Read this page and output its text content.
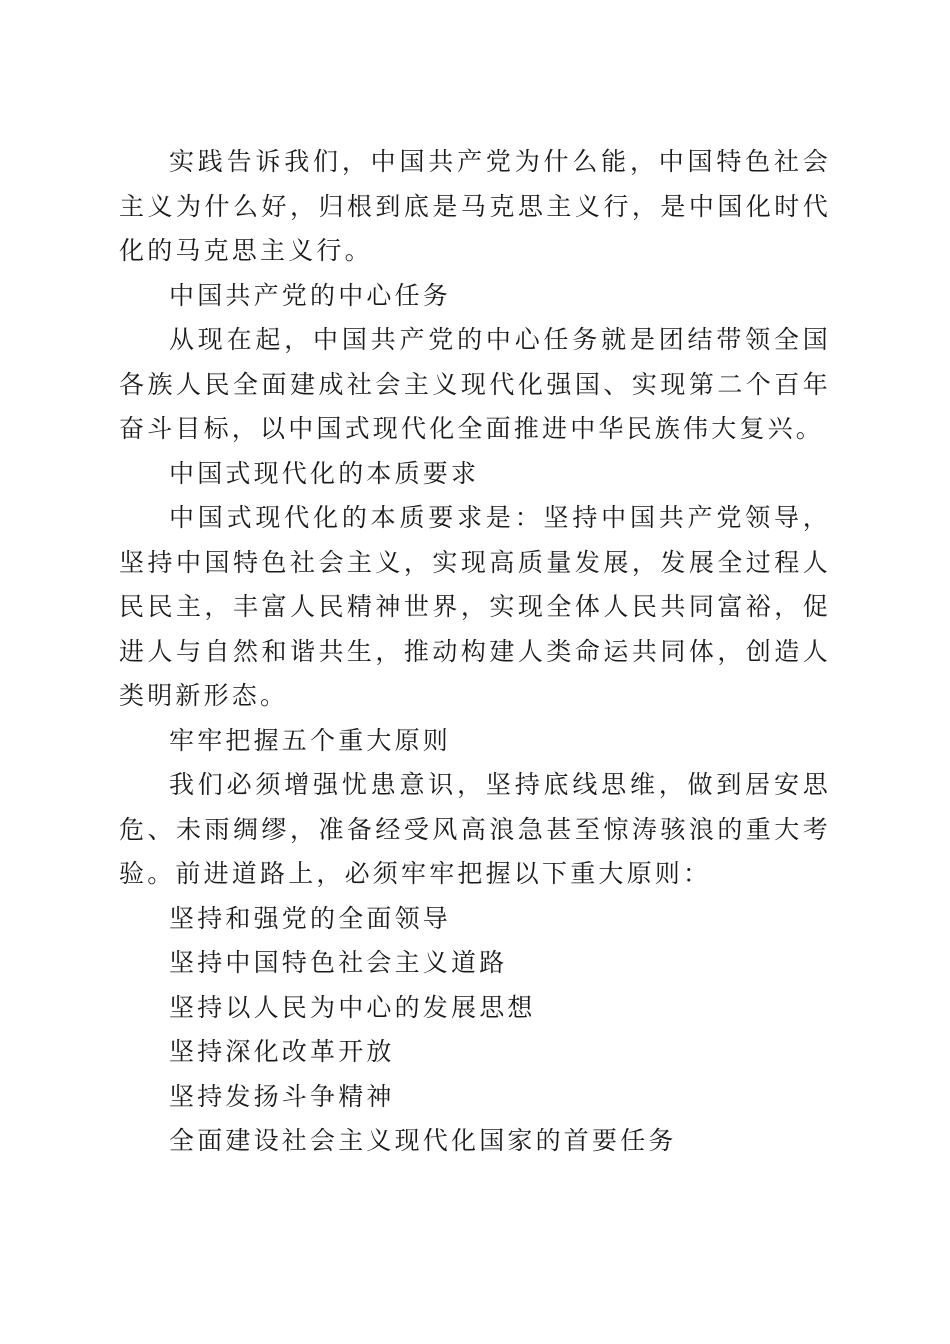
实践告诉我们，中国共产党为什么能，中国特色社会主义为什么好，归根到底是马克思主义行，是中国化时代化的马克思主义行。

中国共产党的中心任务

从现在起，中国共产党的中心任务就是团结带领全国各族人民全面建成社会主义现代化强国、实现第二个百年奋斗目标，以中国式现代化全面推进中华民族伟大复兴。

中国式现代化的本质要求

中国式现代化的本质要求是：坚持中国共产党领导，坚持中国特色社会主义，实现高质量发展，发展全过程人民民主，丰富人民精神世界，实现全体人民共同富裕，促进人与自然和谐共生，推动构建人类命运共同体，创造人类明新形态。

牢牢把握五个重大原则

我们必须增强忧患意识，坚持底线思维，做到居安思危、未雨绸缪，准备经受风高浪急甚至惊涛骇浪的重大考验。前进道路上，必须牢牢把握以下重大原则：

坚持和强党的全面领导

坚持中国特色社会主义道路

坚持以人民为中心的发展思想

坚持深化改革开放

坚持发扬斗争精神

全面建设社会主义现代化国家的首要任务
